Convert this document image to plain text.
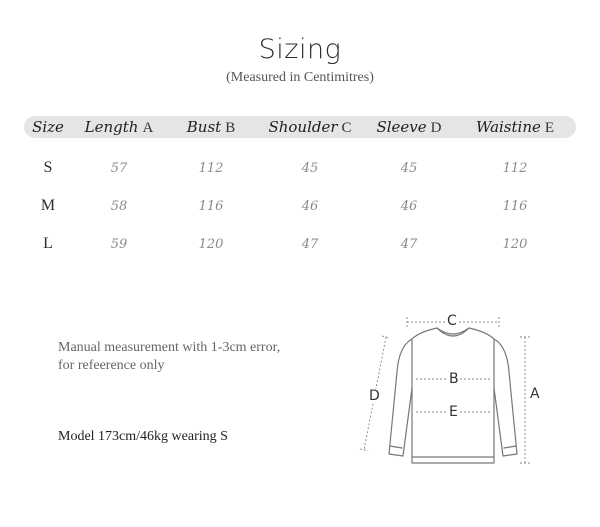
Sizing
(Measured in Centimitres)
Size	Length A	Bust B	Shoulder C	Sleeve D	Waistine E
S	57	112	45	45	112
M	58	116	46	46	116
L	59	120	47	47	120
Manual measurement with 1-3cm error,
for refeerence only
Model 173cm/46kg wearing S
C
B
E
A
D
